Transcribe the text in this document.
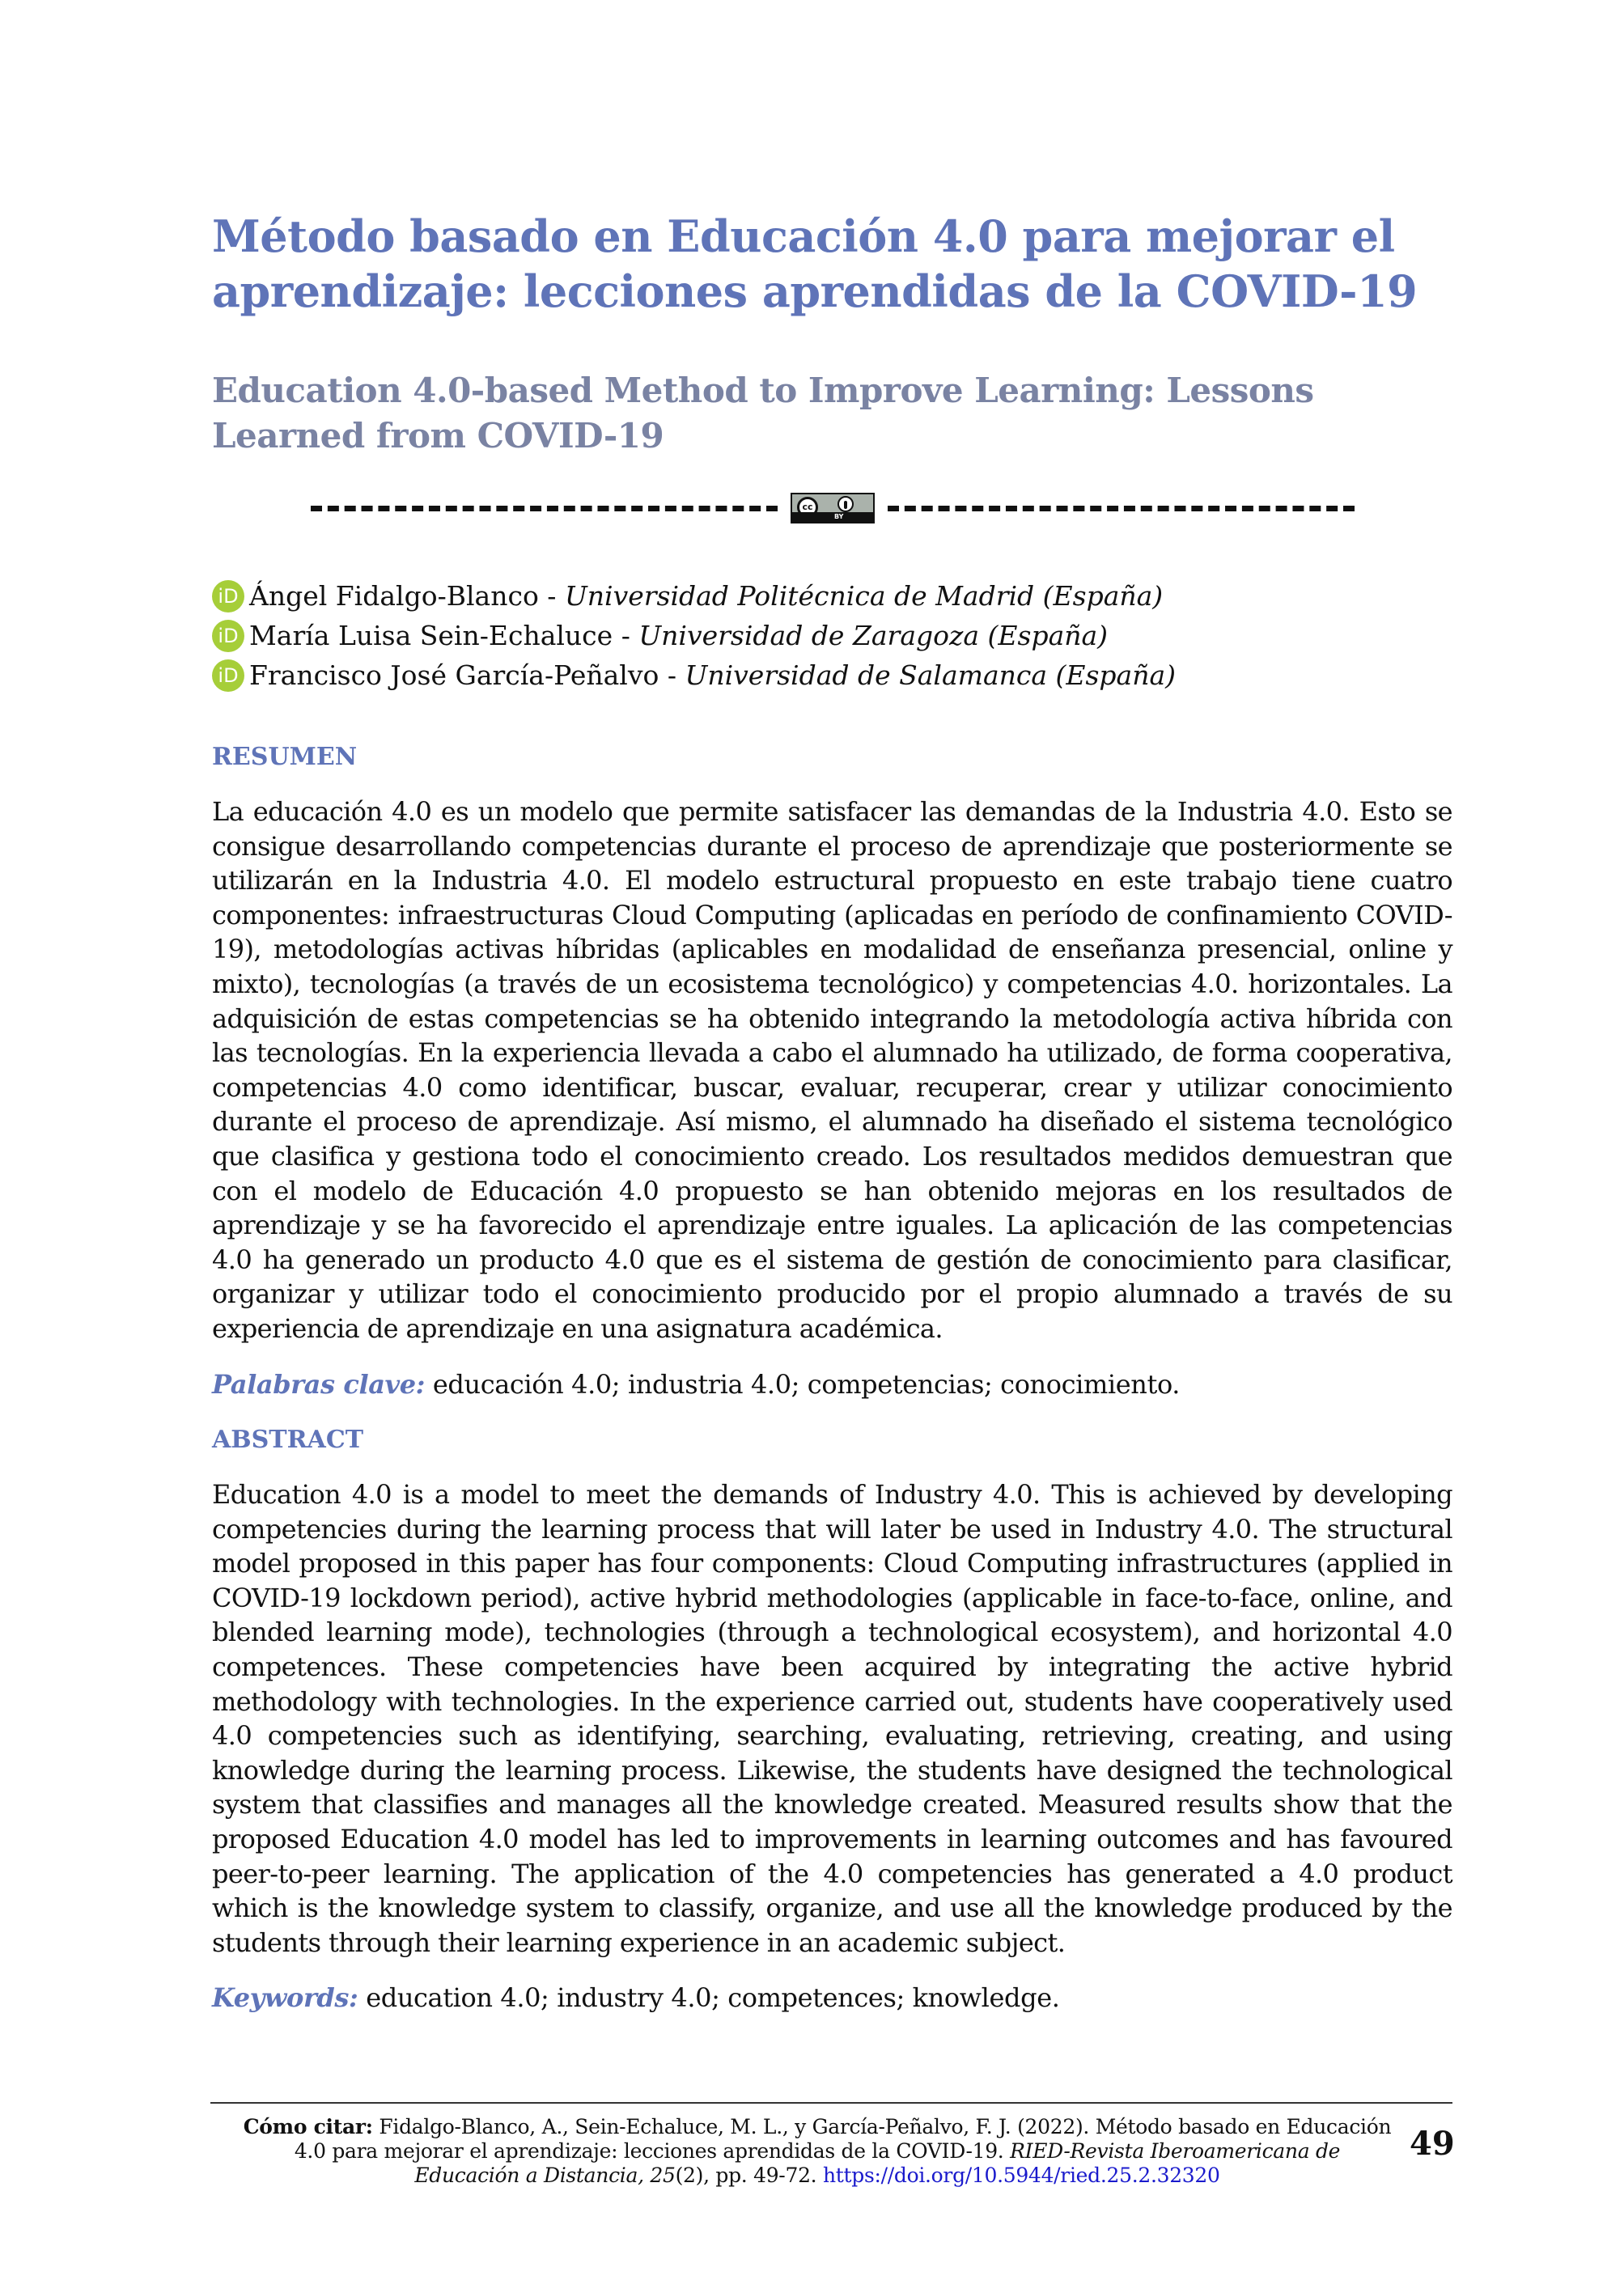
Método basado en Educación 4.0 para mejorar el aprendizaje: lecciones aprendidas de la COVID-19
Education 4.0-based Method to Improve Learning: Lessons Learned from COVID-19
cc
BY
iD Ángel Fidalgo-Blanco - Universidad Politécnica de Madrid (España)
iD María Luisa Sein-Echaluce - Universidad de Zaragoza (España)
iD Francisco José García-Peñalvo - Universidad de Salamanca (España)
RESUMEN

La educación 4.0 es un modelo que permite satisfacer las demandas de la Industria 4.0. Esto se consigue desarrollando competencias durante el proceso de aprendizaje que posteriormente se utilizarán en la Industria 4.0. El modelo estructural propuesto en este trabajo tiene cuatro componentes: infraestructuras Cloud Computing (aplicadas en período de confinamiento COVID-19), metodologías activas híbridas (aplicables en modalidad de enseñanza presencial, online y mixto), tecnologías (a través de un ecosistema tecnológico) y competencias 4.0. horizontales. La adquisición de estas competencias se ha obtenido integrando la metodología activa híbrida con las tecnologías. En la experiencia llevada a cabo el alumnado ha utilizado, de forma cooperativa, competencias 4.0 como identificar, buscar, evaluar, recuperar, crear y utilizar conocimiento durante el proceso de aprendizaje. Así mismo, el alumnado ha diseñado el sistema tecnológico que clasifica y gestiona todo el conocimiento creado. Los resultados medidos demuestran que con el modelo de Educación 4.0 propuesto se han obtenido mejoras en los resultados de aprendizaje y se ha favorecido el aprendizaje entre iguales. La aplicación de las competencias 4.0 ha generado un producto 4.0 que es el sistema de gestión de conocimiento para clasificar, organizar y utilizar todo el conocimiento producido por el propio alumnado a través de su experiencia de aprendizaje en una asignatura académica.

Palabras clave: educación 4.0; industria 4.0; competencias; conocimiento.
ABSTRACT

Education 4.0 is a model to meet the demands of Industry 4.0. This is achieved by developing competencies during the learning process that will later be used in Industry 4.0. The structural model proposed in this paper has four components: Cloud Computing infrastructures (applied in COVID-19 lockdown period), active hybrid methodologies (applicable in face-to-face, online, and blended learning mode), technologies (through a technological ecosystem), and horizontal 4.0 competences. These competencies have been acquired by integrating the active hybrid methodology with technologies. In the experience carried out, students have cooperatively used 4.0 competencies such as identifying, searching, evaluating, retrieving, creating, and using knowledge during the learning process. Likewise, the students have designed the technological system that classifies and manages all the knowledge created. Measured results show that the proposed Education 4.0 model has led to improvements in learning outcomes and has favoured peer-to-peer learning. The application of the 4.0 competencies has generated a 4.0 product which is the knowledge system to classify, organize, and use all the knowledge produced by the students through their learning experience in an academic subject.

Keywords: education 4.0; industry 4.0; competences; knowledge.
Cómo citar: Fidalgo-Blanco, A., Sein-Echaluce, M. L., y García-Peñalvo, F. J. (2022). Método basado en Educación 4.0 para mejorar el aprendizaje: lecciones aprendidas de la COVID-19. RIED-Revista Iberoamericana de Educación a Distancia, 25(2), pp. 49-72. https://doi.org/10.5944/ried.25.2.32320
49
